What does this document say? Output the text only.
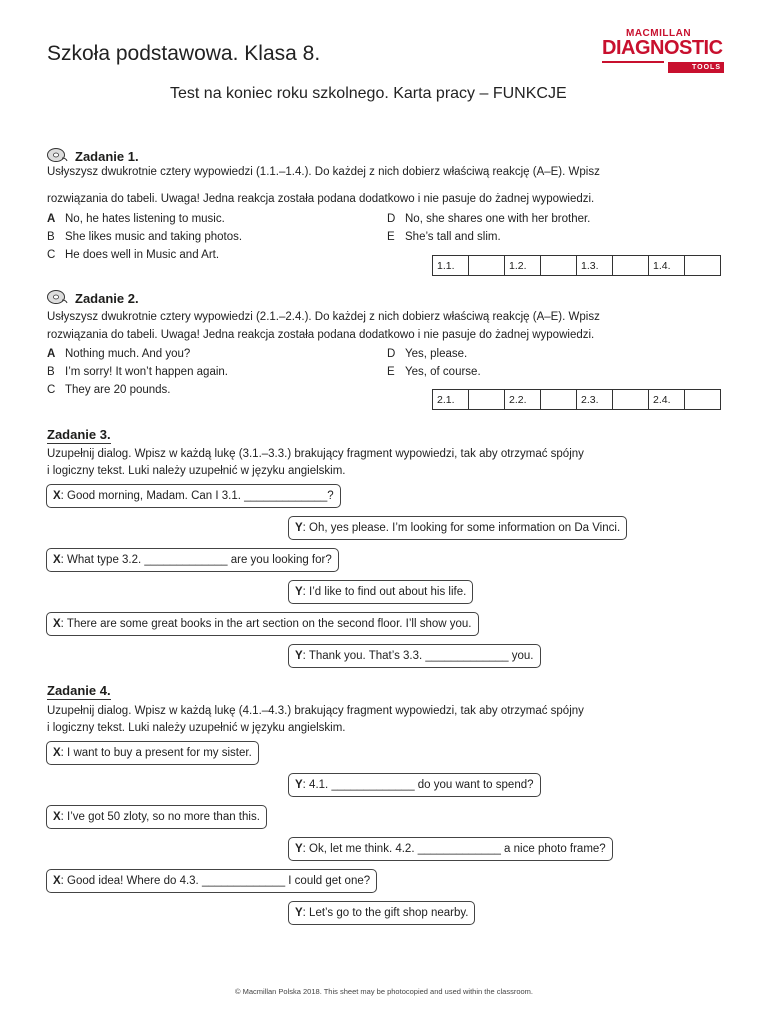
Szkoła podstawowa. Klasa 8.
MACMILLAN
DIAGNOSTIC
TOOLS
Test na koniec roku szkolnego. Karta pracy – FUNKCJE
Zadanie 1.
Usłyszysz dwukrotnie cztery wypowiedzi (1.1.–1.4.). Do każdej z nich dobierz właściwą reakcję (A–E). Wpisz
rozwiązania do tabeli. Uwaga! Jedna reakcja została podana dodatkowo i nie pasuje do żadnej wypowiedzi.
A No, he hates listening to music.
B She likes music and taking photos.
C He does well in Music and Art.
D No, she shares one with her brother.
E She’s tall and slim.
1.1.		1.2.		1.3.		1.4.	
Zadanie 2.
Usłyszysz dwukrotnie cztery wypowiedzi (2.1.–2.4.). Do każdej z nich dobierz właściwą reakcję (A–E). Wpisz
rozwiązania do tabeli. Uwaga! Jedna reakcja została podana dodatkowo i nie pasuje do żadnej wypowiedzi.
A Nothing much. And you?
B I’m sorry! It won’t happen again.
C They are 20 pounds.
D Yes, please.
E Yes, of course.
2.1.		2.2.		2.3.		2.4.	
Zadanie 3.
Uzupełnij dialog. Wpisz w każdą lukę (3.1.–3.3.) brakujący fragment wypowiedzi, tak aby otrzymać spójny
i logiczny tekst. Luki należy uzupełnić w języku angielskim.
X: Good morning, Madam. Can I 3.1. _____________?
Y: Oh, yes please. I’m looking for some information on Da Vinci.
X: What type 3.2. _____________ are you looking for?
Y: I’d like to find out about his life.
X: There are some great books in the art section on the second floor. I’ll show you.
Y: Thank you. That’s 3.3. _____________ you.
Zadanie 4.
Uzupełnij dialog. Wpisz w każdą lukę (4.1.–4.3.) brakujący fragment wypowiedzi, tak aby otrzymać spójny
i logiczny tekst. Luki należy uzupełnić w języku angielskim.
X: I want to buy a present for my sister.
Y: 4.1. _____________ do you want to spend?
X: I’ve got 50 zloty, so no more than this.
Y: Ok, let me think. 4.2. _____________ a nice photo frame?
X: Good idea! Where do 4.3. _____________ I could get one?
Y: Let’s go to the gift shop nearby.
© Macmillan Polska 2018. This sheet may be photocopied and used within the classroom.
